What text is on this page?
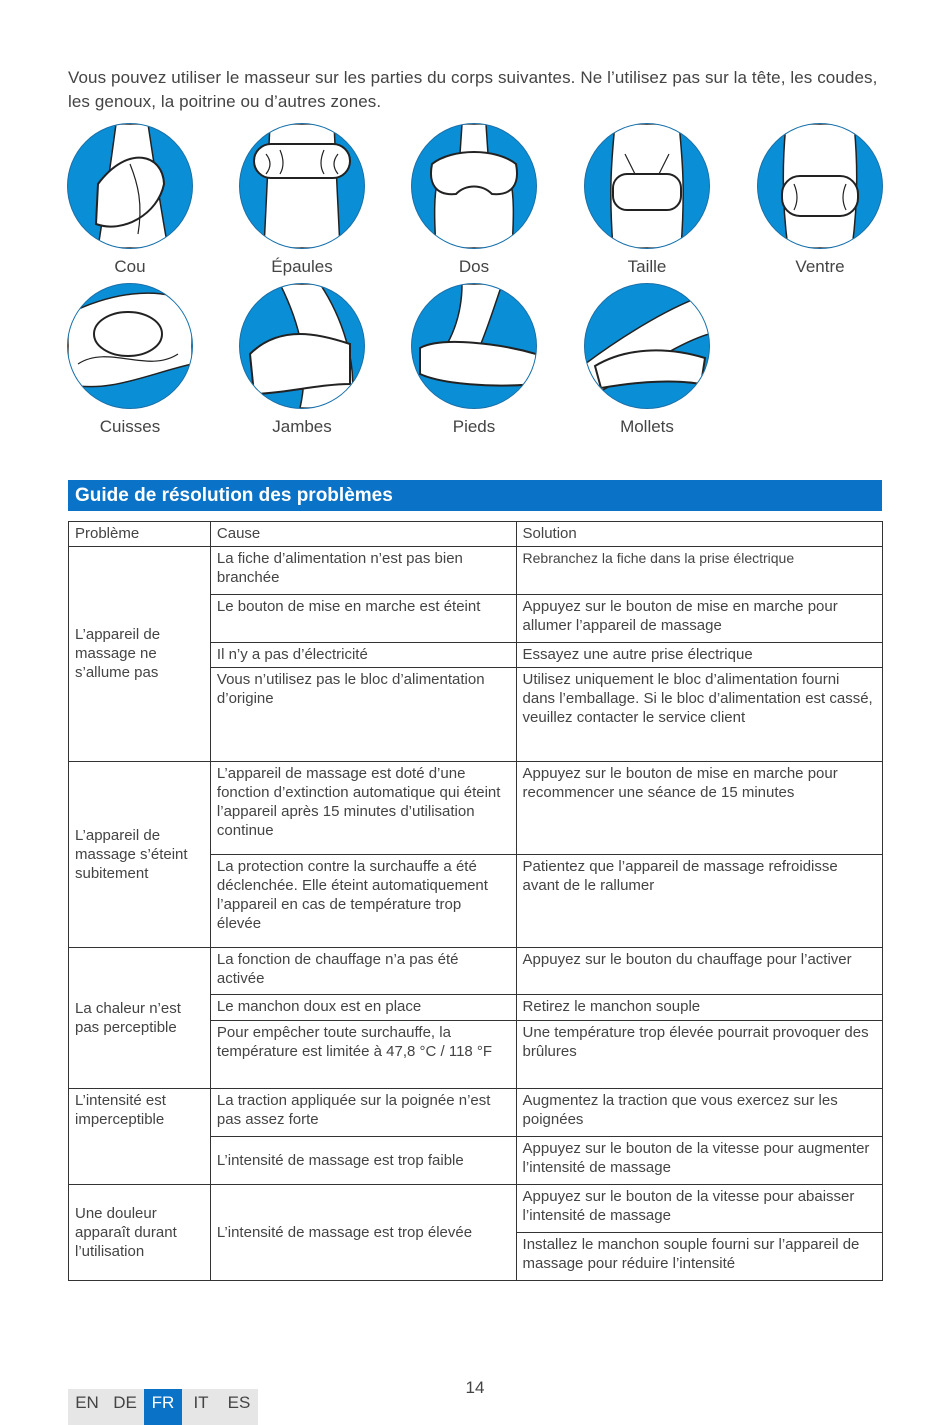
Vous pouvez utiliser le masseur sur les parties du corps suivantes. Ne l’utilisez pas sur la tête, les coudes, les genoux, la poitrine ou d’autres zones.
Cou	Épaules	Dos	Taille	Ventre
Cuisses	Jambes	Pieds	Mollets
Guide de résolution des problèmes
Problème	Cause	Solution
L’appareil de massage ne s’allume pas	La fiche d’alimentation n’est pas bien branchée	Rebranchez la fiche dans la prise électrique
	Le bouton de mise en marche est éteint	Appuyez sur le bouton de mise en marche pour allumer l’appareil de massage
	Il n’y a pas d’électricité	Essayez une autre prise électrique
	Vous n’utilisez pas le bloc d’alimentation d’origine	Utilisez uniquement le bloc d’alimentation fourni dans l’emballage. Si le bloc d’alimentation est cassé, veuillez contacter le service client
L’appareil de massage s’éteint subitement	L’appareil de massage est doté d’une fonction d’extinction automatique qui éteint l’appareil après 15 minutes d’utilisation continue	Appuyez sur le bouton de mise en marche pour recommencer une séance de 15 minutes
	La protection contre la surchauffe a été déclenchée. Elle éteint automatiquement l’appareil en cas de température trop élevée	Patientez que l’appareil de massage refroidisse avant de le rallumer
La chaleur n’est pas perceptible	La fonction de chauffage n’a pas été activée	Appuyez sur le bouton du chauffage pour l’activer
	Le manchon doux est en place	Retirez le manchon souple
	Pour empêcher toute surchauffe, la température est limitée à 47,8 °C / 118 °F	Une température trop élevée pourrait provoquer des brûlures
L’intensité est imperceptible	La traction appliquée sur la poignée n’est pas assez forte	Augmentez la traction que vous exercez sur les poignées
	L’intensité de massage est trop faible	Appuyez sur le bouton de la vitesse pour augmenter l’intensité de massage
Une douleur apparaît durant l’utilisation	L’intensité de massage est trop élevée	Appuyez sur le bouton de la vitesse pour abaisser l’intensité de massage
		Installez le manchon souple fourni sur l’appareil de massage pour réduire l’intensité
14
EN DE FR	IT	ES
